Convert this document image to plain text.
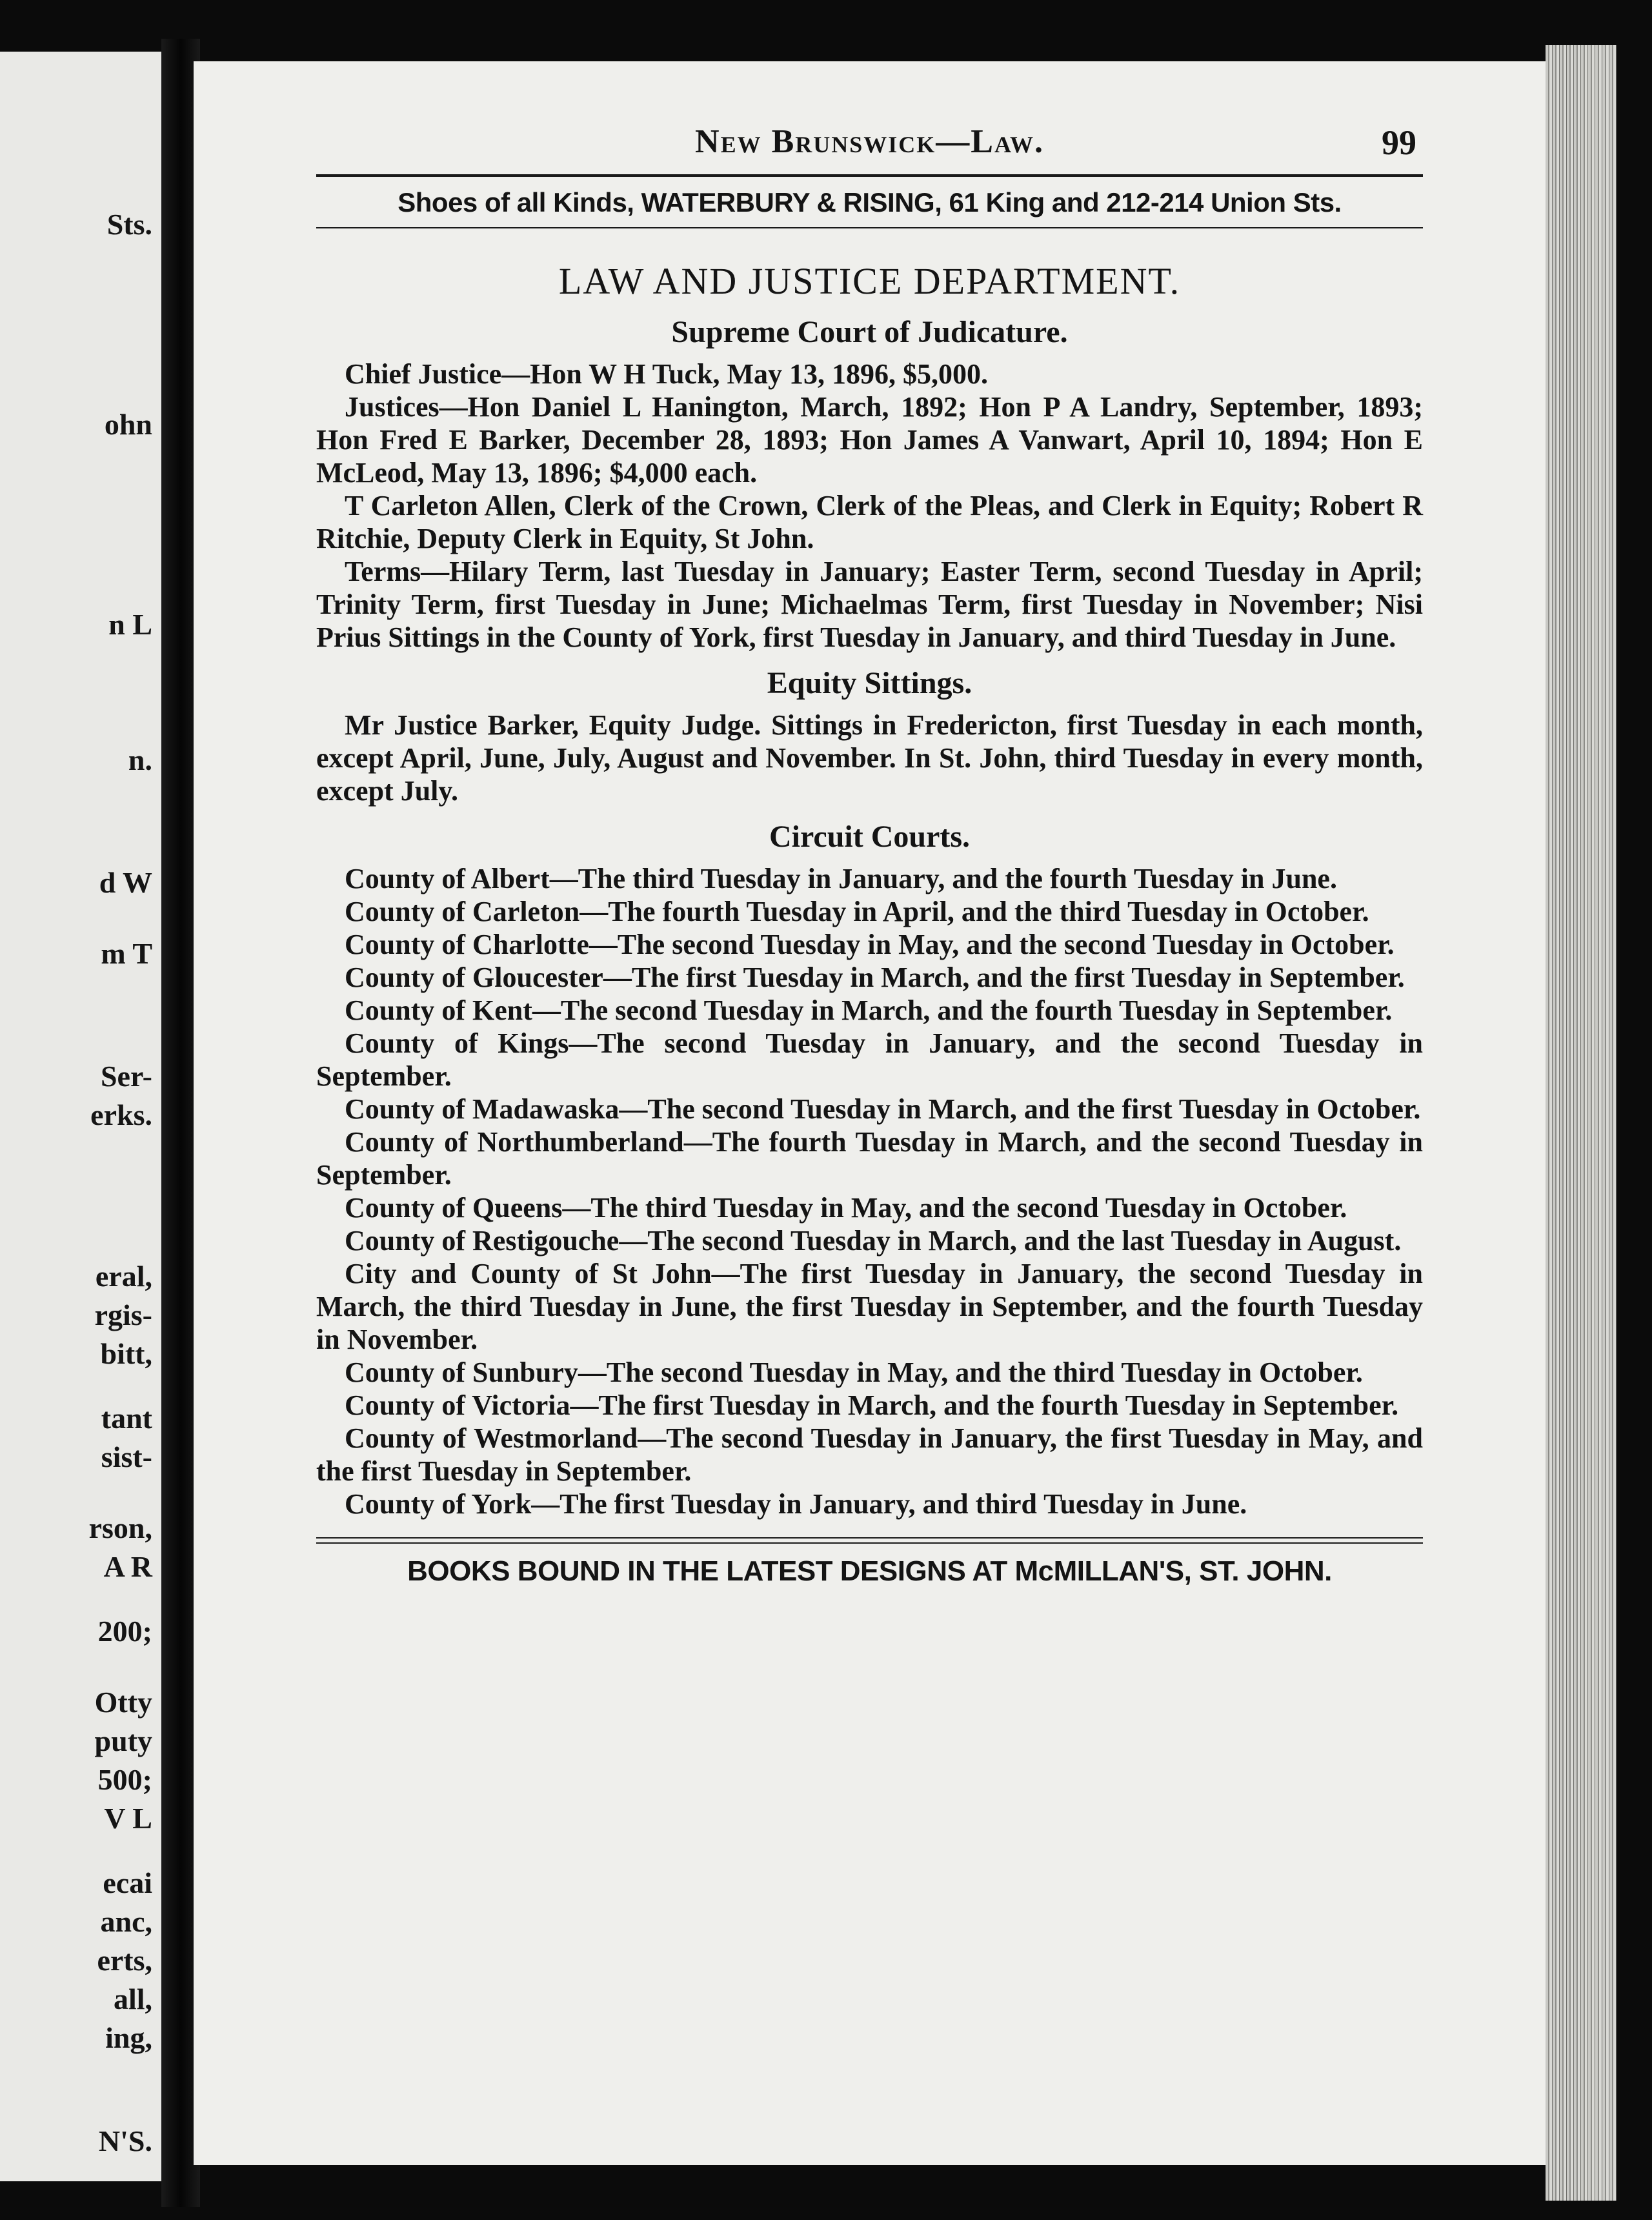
Sts.
ohn
n L
n.
d W
m T
Ser-
erks.
eral,
rgis-
bitt,
tant
sist-
rson,
A R
200;
Otty
puty
500;
V L
ecai
anc,
erts,
all,
ing,
N'S.
New Brunswick—Law.	99
Shoes of all Kinds, WATERBURY & RISING, 61 King and 212-214 Union Sts.
LAW AND JUSTICE DEPARTMENT.
Supreme Court of Judicature.

Chief Justice—Hon W H Tuck, May 13, 1896, $5,000.

Justices—Hon Daniel L Hanington, March, 1892; Hon P A Landry, September, 1893; Hon Fred E Barker, December 28, 1893; Hon James A Vanwart, April 10, 1894; Hon E McLeod, May 13, 1896; $4,000 each.

T Carleton Allen, Clerk of the Crown, Clerk of the Pleas, and Clerk in Equity; Robert R Ritchie, Deputy Clerk in Equity, St John.

Terms—Hilary Term, last Tuesday in January; Easter Term, second Tuesday in April; Trinity Term, first Tuesday in June; Michaelmas Term, first Tuesday in November; Nisi Prius Sittings in the County of York, first Tuesday in January, and third Tuesday in June.

Equity Sittings.

Mr Justice Barker, Equity Judge. Sittings in Fredericton, first Tuesday in each month, except April, June, July, August and November. In St. John, third Tuesday in every month, except July.

Circuit Courts.

County of Albert—The third Tuesday in January, and the fourth Tuesday in June.

County of Carleton—The fourth Tuesday in April, and the third Tuesday in October.

County of Charlotte—The second Tuesday in May, and the second Tuesday in October.

County of Gloucester—The first Tuesday in March, and the first Tuesday in September.

County of Kent—The second Tuesday in March, and the fourth Tuesday in September.

County of Kings—The second Tuesday in January, and the second Tuesday in September.

County of Madawaska—The second Tuesday in March, and the first Tuesday in October.

County of Northumberland—The fourth Tuesday in March, and the second Tuesday in September.

County of Queens—The third Tuesday in May, and the second Tuesday in October.

County of Restigouche—The second Tuesday in March, and the last Tuesday in August.

City and County of St John—The first Tuesday in January, the second Tuesday in March, the third Tuesday in June, the first Tuesday in September, and the fourth Tuesday in November.

County of Sunbury—The second Tuesday in May, and the third Tuesday in October.

County of Victoria—The first Tuesday in March, and the fourth Tuesday in September.

County of Westmorland—The second Tuesday in January, the first Tuesday in May, and the first Tuesday in September.

County of York—The first Tuesday in January, and third Tuesday in June.

BOOKS BOUND IN THE LATEST DESIGNS AT McMILLAN'S, ST. JOHN.
